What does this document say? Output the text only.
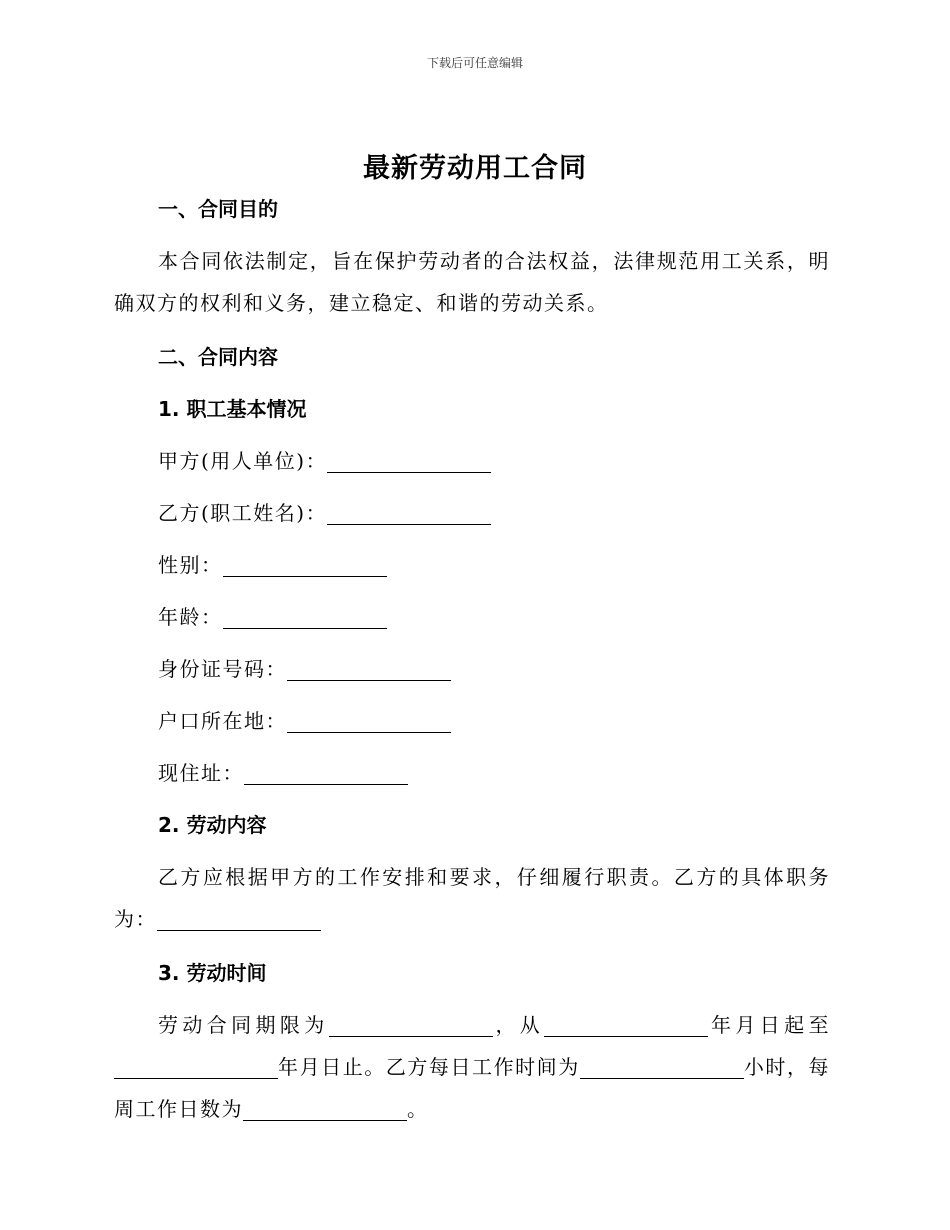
下载后可任意编辑
最新劳动用工合同

一、合同目的

本合同依法制定，旨在保护劳动者的合法权益，法律规范用工关系，明确双方的权利和义务，建立稳定、和谐的劳动关系。

二、合同内容

1. 职工基本情况

甲方(用人单位)：

乙方(职工姓名)：

性别：

年龄：

身份证号码：

户口所在地：

现住址：

2. 劳动内容

乙方应根据甲方的工作安排和要求，仔细履行职责。乙方的具体职务为：

3. 劳动时间

劳动合同期限为	，从	年月日起至年月日止。乙方每日工作时间为	小时，每周工作日数为	。
